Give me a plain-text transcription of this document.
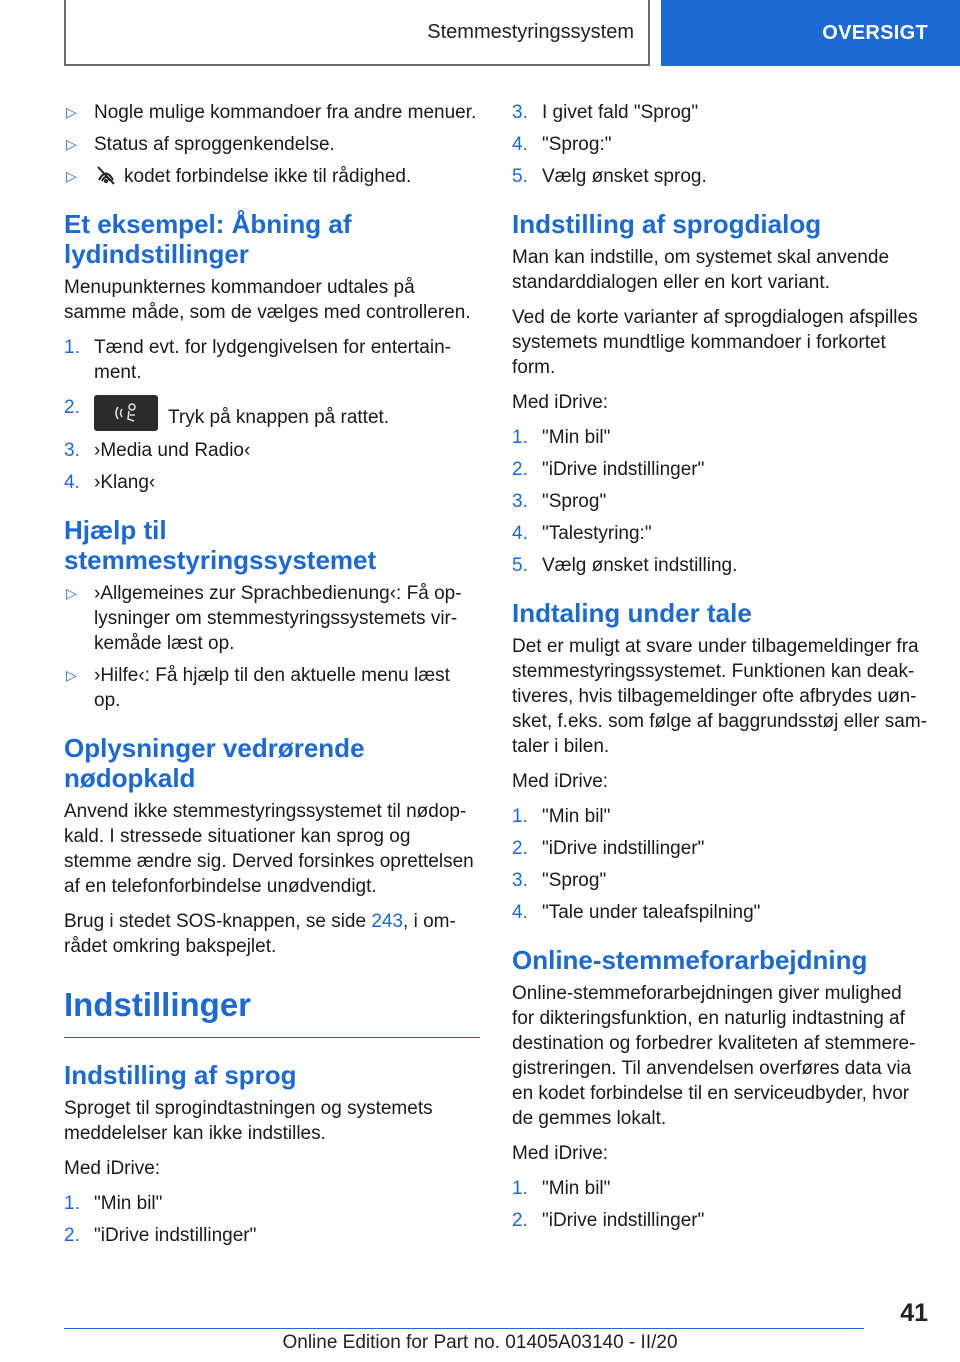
Stemmestyringssystem	OVERSIGT
▷ Nogle mulige kommandoer fra andre menuer.
▷ Status af sproggenkendelse.
▷	kodet forbindelse ikke til rådighed.
Et eksempel: Åbning af lydindstillinger
Menupunkternes kommandoer udtales på samme måde, som de vælges med controlleren.
1. Tænd evt. for lydgengivelsen for entertainment.
2.	Tryk på knappen på rattet.
3. ›Media und Radio‹
4. ›Klang‹
Hjælp til stemmestyringssystemet
▷ ›Allgemeines zur Sprachbedienung‹: Få oplysninger om stemmestyringssystemets virkemåde læst op.
▷ ›Hilfe‹: Få hjælp til den aktuelle menu læst op.
Oplysninger vedrørende nødopkald
Anvend ikke stemmestyringssystemet til nødopkald. I stressede situationer kan sprog og stemme ændre sig. Derved forsinkes oprettelsen af en telefonforbindelse unødvendigt.
Brug i stedet SOS-knappen, se side 243, i området omkring bakspejlet.
Indstillinger
Indstilling af sprog
Sproget til sprogindtastningen og systemets meddelelser kan ikke indstilles.
Med iDrive:
1. "Min bil"
2. "iDrive indstillinger"
3. I givet fald "Sprog"
4. "Sprog:"
5. Vælg ønsket sprog.
Indstilling af sprogdialog
Man kan indstille, om systemet skal anvende standarddialogen eller en kort variant.
Ved de korte varianter af sprogdialogen afspilles systemets mundtlige kommandoer i forkortet form.
Med iDrive:
1. "Min bil"
2. "iDrive indstillinger"
3. "Sprog"
4. "Talestyring:"
5. Vælg ønsket indstilling.
Indtaling under tale
Det er muligt at svare under tilbagemeldinger fra stemmestyringssystemet. Funktionen kan deaktiveres, hvis tilbagemeldinger ofte afbrydes uønsket, f.eks. som følge af baggrundsstøj eller samtaler i bilen.
Med iDrive:
1. "Min bil"
2. "iDrive indstillinger"
3. "Sprog"
4. "Tale under taleafspilning"
Online-stemmeforarbejdning
Online-stemmeforarbejdningen giver mulighed for dikteringsfunktion, en naturlig indtastning af destination og forbedrer kvaliteten af stemmeregistreringen. Til anvendelsen overføres data via en kodet forbindelse til en serviceudbyder, hvor de gemmes lokalt.
Med iDrive:
1. "Min bil"
2. "iDrive indstillinger"
41
Online Edition for Part no. 01405A03140 - II/20
